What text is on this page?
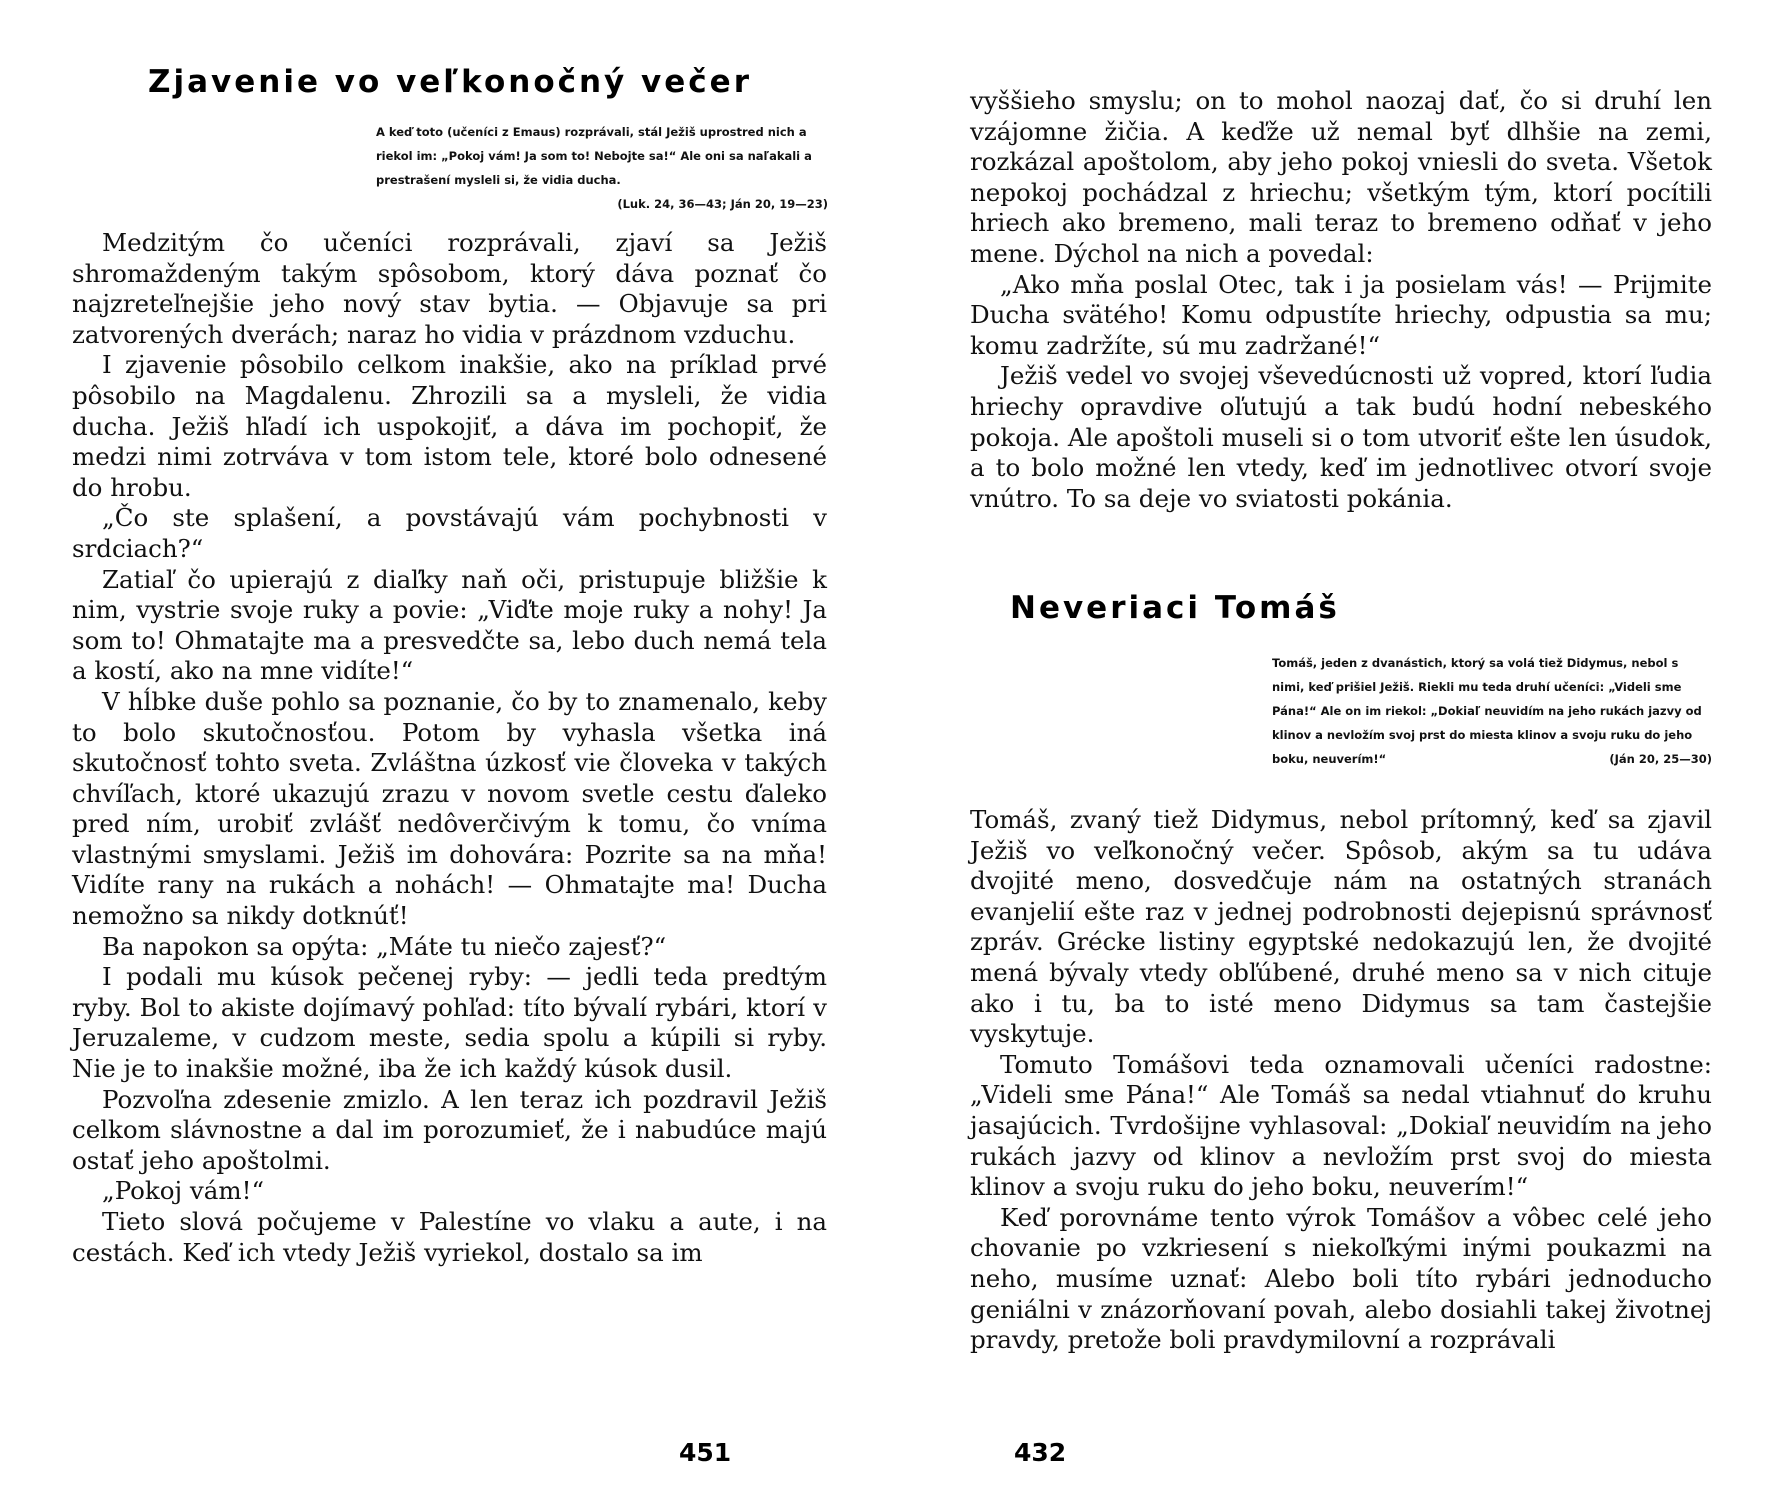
Zjavenie vo veľkonočný večer
A keď toto (učeníci z Emaus) rozprávali, stál Ježiš uprostred nich a riekol im: „Pokoj vám! Ja som to! Nebojte sa!“ Ale oni sa naľakali a prestrašení mysleli si, že vidia ducha.
(Luk. 24, 36—43; Ján 20, 19—23)

Medzitým čo učeníci rozprávali, zjaví sa Ježiš shromaždeným takým spôsobom, ktorý dáva poznať čo najzreteľnejšie jeho nový stav bytia. — Objavuje sa pri zatvorených dverách; naraz ho vidia v prázdnom vzduchu.

I zjavenie pôsobilo celkom inakšie, ako na príklad prvé pôsobilo na Magdalenu. Zhrozili sa a mysleli, že vidia ducha. Ježiš hľadí ich uspokojiť, a dáva im pochopiť, že medzi nimi zotrváva v tom istom tele, ktoré bolo odnesené do hrobu.

„Čo ste splašení, a povstávajú vám pochybnosti v srdciach?“

Zatiaľ čo upierajú z diaľky naň oči, pristupuje bližšie k nim, vystrie svoje ruky a povie: „Viďte moje ruky a nohy! Ja som to! Ohmatajte ma a presvedčte sa, lebo duch nemá tela a kostí, ako na mne vidíte!“

V hĺbke duše pohlo sa poznanie, čo by to znamenalo, keby to bolo skutočnosťou. Potom by vyhasla všetka iná skutočnosť tohto sveta. Zvláštna úzkosť vie človeka v takých chvíľach, ktoré ukazujú zrazu v novom svetle cestu ďaleko pred ním, urobiť zvlášť nedôverčivým k tomu, čo vníma vlastnými smyslami. Ježiš im dohovára: Pozrite sa na mňa! Vidíte rany na rukách a nohách! — Ohmatajte ma! Ducha nemožno sa nikdy dotknúť!

Ba napokon sa opýta: „Máte tu niečo zajesť?“

I podali mu kúsok pečenej ryby: — jedli teda predtým ryby. Bol to akiste dojímavý pohľad: títo bývalí rybári, ktorí v Jeruzaleme, v cudzom meste, sedia spolu a kúpili si ryby. Nie je to inakšie možné, iba že ich každý kúsok dusil.

Pozvoľna zdesenie zmizlo. A len teraz ich pozdravil Ježiš celkom slávnostne a dal im porozumieť, že i nabudúce majú ostať jeho apoštolmi.

„Pokoj vám!“

Tieto slová počujeme v Palestíne vo vlaku a aute, i na cestách. Keď ich vtedy Ježiš vyriekol, dostalo sa im

451

vyššieho smyslu; on to mohol naozaj dať, čo si druhí len vzájomne žičia. A keďže už nemal byť dlhšie na zemi, rozkázal apoštolom, aby jeho pokoj vniesli do sveta. Všetok nepokoj pochádzal z hriechu; všetkým tým, ktorí pocítili hriech ako bremeno, mali teraz to bremeno odňať v jeho mene. Dýchol na nich a povedal:

„Ako mňa poslal Otec, tak i ja posielam vás! — Prijmite Ducha svätého! Komu odpustíte hriechy, odpustia sa mu; komu zadržíte, sú mu zadržané!“

Ježiš vedel vo svojej vševedúcnosti už vopred, ktorí ľudia hriechy opravdive oľutujú a tak budú hodní nebeského pokoja. Ale apoštoli museli si o tom utvoriť ešte len úsudok, a to bolo možné len vtedy, keď im jednotlivec otvorí svoje vnútro. To sa deje vo sviatosti pokánia.

Neveriaci Tomáš
Tomáš, jeden z dvanástich, ktorý sa volá tiež Didymus, nebol s nimi, keď prišiel Ježiš. Riekli mu teda druhí učeníci: „Videli sme Pána!“ Ale on im riekol: „Dokiaľ neuvidím na jeho rukách jazvy od klinov a nevložím svoj prst do miesta klinov a svoju ruku do jeho boku, neuverím!“	(Ján 20, 25—30)

Tomáš, zvaný tiež Didymus, nebol prítomný, keď sa zjavil Ježiš vo veľkonočný večer. Spôsob, akým sa tu udáva dvojité meno, dosvedčuje nám na ostatných stranách evanjelií ešte raz v jednej podrobnosti dejepisnú správnosť zpráv. Grécke listiny egyptské nedokazujú len, že dvojité mená bývaly vtedy obľúbené, druhé meno sa v nich cituje ako i tu, ba to isté meno Didymus sa tam častejšie vyskytuje.

Tomuto Tomášovi teda oznamovali učeníci radostne: „Videli sme Pána!“ Ale Tomáš sa nedal vtiahnuť do kruhu jasajúcich. Tvrdošijne vyhlasoval: „Dokiaľ neuvidím na jeho rukách jazvy od klinov a nevložím prst svoj do miesta klinov a svoju ruku do jeho boku, neuverím!“

Keď porovnáme tento výrok Tomášov a vôbec celé jeho chovanie po vzkriesení s niekoľkými inými poukazmi na neho, musíme uznať: Alebo boli títo rybári jednoducho geniálni v znázorňovaní povah, alebo dosiahli takej životnej pravdy, pretože boli pravdymilovní a rozprávali

432
